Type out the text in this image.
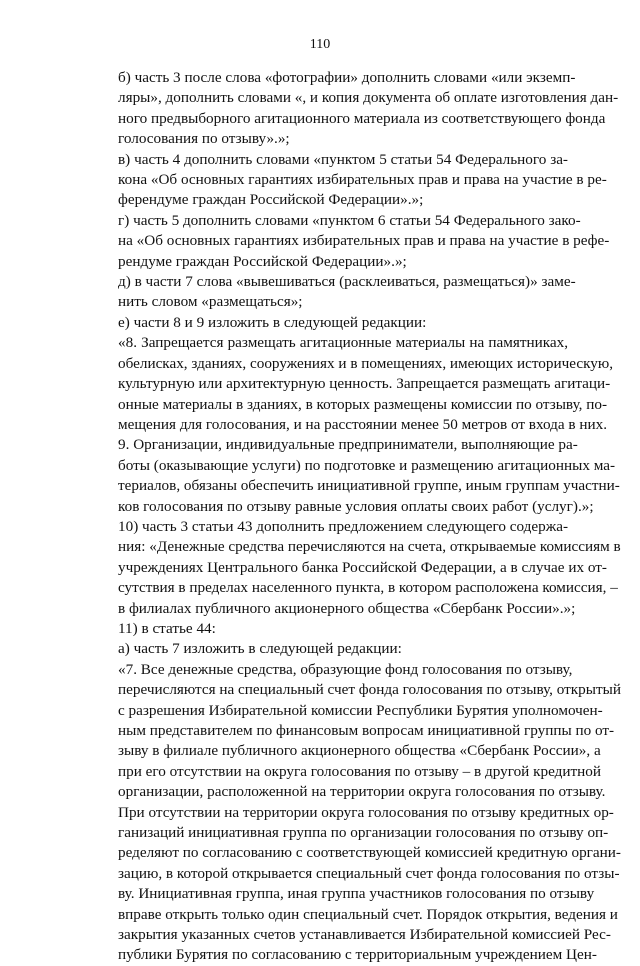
110

б) часть 3 после слова «фотографии» дополнить словами «или экземп-
ляры», дополнить словами «, и копия документа об оплате изготовления дан-
ного предвыборного агитационного материала из соответствующего фонда
голосования по отзыву».»;

в) часть 4 дополнить словами «пунктом 5 статьи 54 Федерального за-
кона «Об основных гарантиях избирательных прав и права на участие в ре-
ферендуме граждан Российской Федерации».»;

г) часть 5 дополнить словами «пунктом 6 статьи 54 Федерального зако-
на «Об основных гарантиях избирательных прав и права на участие в рефе-
рендуме граждан Российской Федерации».»;

д) в части 7 слова «вывешиваться (расклеиваться, размещаться)» заме-
нить словом «размещаться»;

е) части 8 и 9 изложить в следующей редакции:

«8. Запрещается размещать агитационные материалы на памятниках,
обелисках, зданиях, сооружениях и в помещениях, имеющих историческую,
культурную или архитектурную ценность. Запрещается размещать агитаци-
онные материалы в зданиях, в которых размещены комиссии по отзыву, по-
мещения для голосования, и на расстоянии менее 50 метров от входа в них.

9. Организации, индивидуальные предприниматели, выполняющие ра-
боты (оказывающие услуги) по подготовке и размещению агитационных ма-
териалов, обязаны обеспечить инициативной группе, иным группам участни-
ков голосования по отзыву равные условия оплаты своих работ (услуг).»;

10) часть 3 статьи 43 дополнить предложением следующего содержа-
ния: «Денежные средства перечисляются на счета, открываемые комиссиям в
учреждениях Центрального банка Российской Федерации, а в случае их от-
сутствия в пределах населенного пункта, в котором расположена комиссия, –
в филиалах публичного акционерного общества «Сбербанк России».»;

11) в статье 44:

а) часть 7 изложить в следующей редакции:

«7. Все денежные средства, образующие фонд голосования по отзыву,
перечисляются на специальный счет фонда голосования по отзыву, открытый
с разрешения Избирательной комиссии Республики Бурятия уполномочен-
ным представителем по финансовым вопросам инициативной группы по от-
зыву в филиале публичного акционерного общества «Сбербанк России», а
при его отсутствии на округа голосования по отзыву – в другой кредитной
организации, расположенной на территории округа голосования по отзыву.
При отсутствии на территории округа голосования по отзыву кредитных ор-
ганизаций инициативная группа по организации голосования по отзыву оп-
ределяют по согласованию с соответствующей комиссией кредитную органи-
зацию, в которой открывается специальный счет фонда голосования по отзы-
ву. Инициативная группа, иная группа участников голосования по отзыву
вправе открыть только один специальный счет. Порядок открытия, ведения и
закрытия указанных счетов устанавливается Избирательной комиссией Рес-
публики Бурятия по согласованию с территориальным учреждением Цен-
